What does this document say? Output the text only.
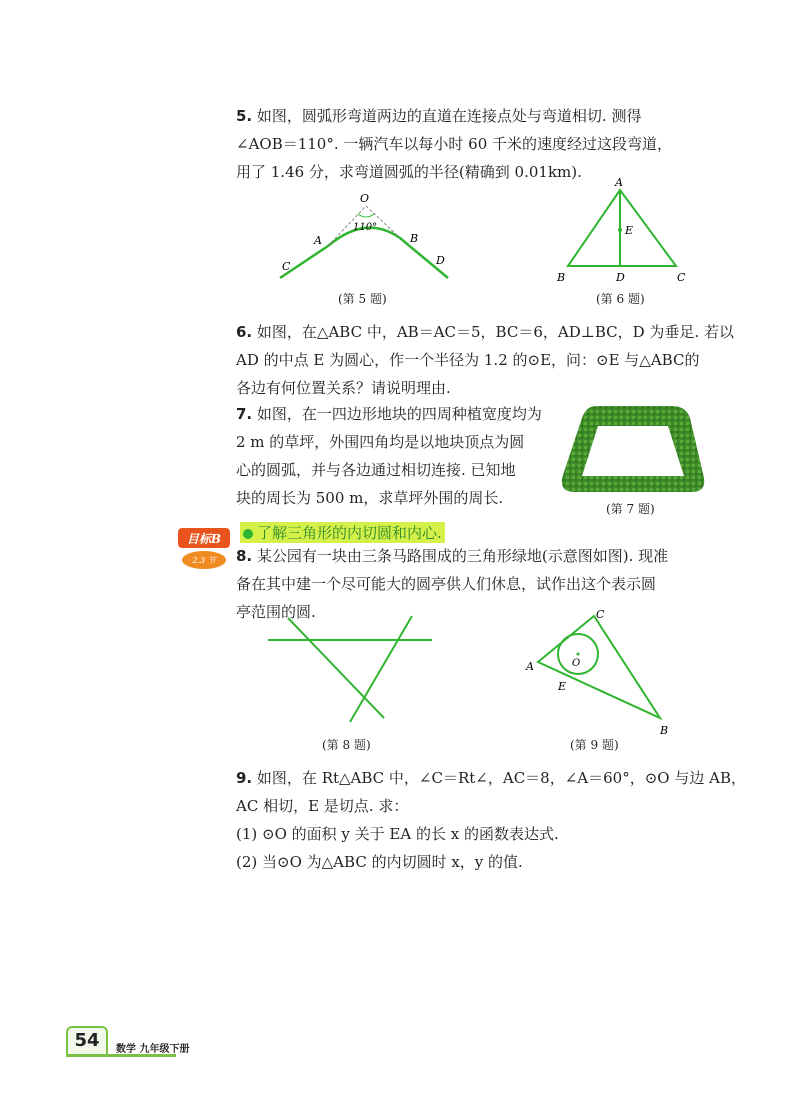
5. 如图，圆弧形弯道两边的直道在连接点处与弯道相切. 测得
∠AOB＝110°. 一辆汽车以每小时 60 千米的速度经过这段弯道，
用了 1.46 分，求弯道圆弧的半径(精确到 0.01km).
O
110°
A	B
C	D
(第 5 题)
A
B	C
D
E
(第 6 题)
6. 如图，在△ABC 中，AB＝AC＝5，BC＝6，AD⊥BC，D 为垂足. 若以
AD 的中点 E 为圆心，作一个半径为 1.2 的⊙E，问：⊙E 与△ABC的
各边有何位置关系？请说明理由.
7. 如图，在一四边形地块的四周种植宽度均为
2 m 的草坪，外围四角均是以地块顶点为圆
心的圆弧，并与各边通过相切连接. 已知地
块的周长为 500 m，求草坪外围的周长.
(第 7 题)
目标B
2.3 节
了解三角形的内切圆和内心.
8. 某公园有一块由三条马路围成的三角形绿地(示意图如图). 现准
备在其中建一个尽可能大的圆亭供人们休息，试作出这个表示圆
亭范围的圆.
(第 8 题)
A
C
B
E
O
(第 9 题)
9. 如图，在 Rt△ABC 中，∠C＝Rt∠，AC＝8，∠A＝60°，⊙O 与边 AB，
AC 相切，E 是切点. 求：
(1) ⊙O 的面积 y 关于 EA 的长 x 的函数表达式.
(2) 当⊙O 为△ABC 的内切圆时 x，y 的值.
54	数学 九年级下册
